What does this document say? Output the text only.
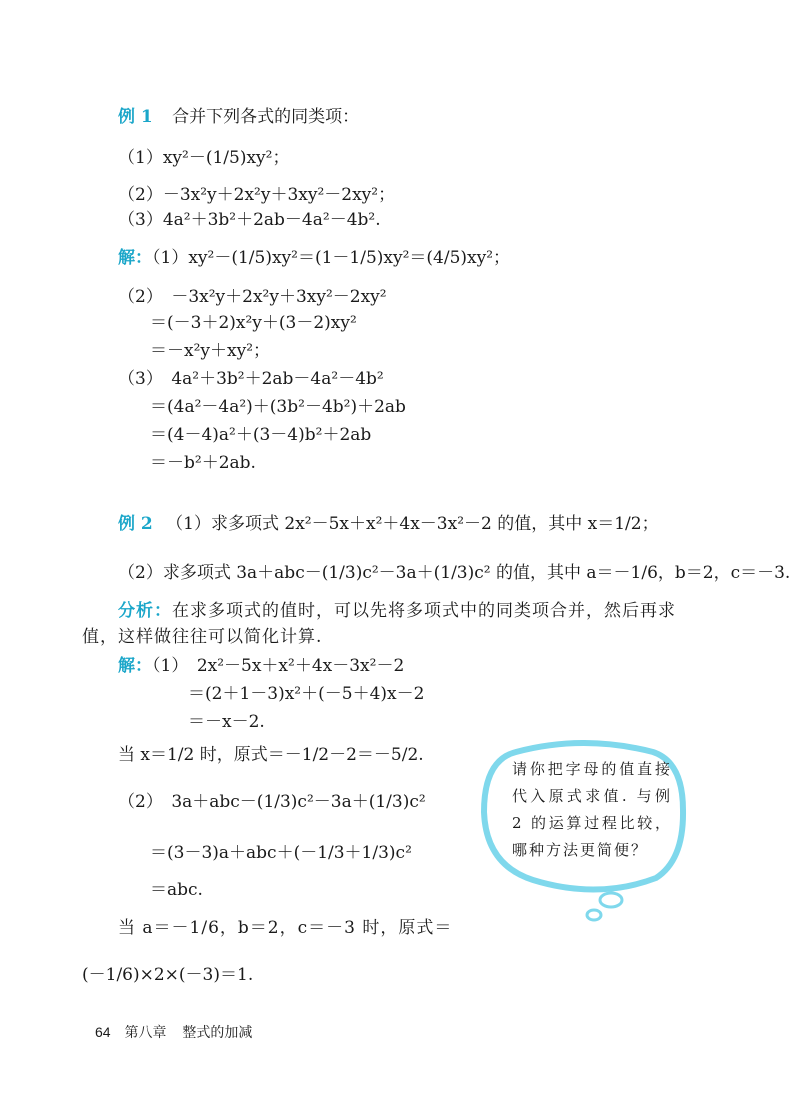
例 1 合并下列各式的同类项：
（1）xy²－(1/5)xy²；
（2）－3x²y＋2x²y＋3xy²－2xy²；
（3）4a²＋3b²＋2ab－4a²－4b².
解：（1）xy²－(1/5)xy²＝(1－1/5)xy²＝(4/5)xy²；
（2）　－3x²y＋2x²y＋3xy²－2xy²
＝(－3＋2)x²y＋(3－2)xy²
＝－x²y＋xy²；
（3）　4a²＋3b²＋2ab－4a²－4b²
＝(4a²－4a²)＋(3b²－4b²)＋2ab
＝(4－4)a²＋(3－4)b²＋2ab
＝－b²＋2ab.
例 2 （1）求多项式 2x²－5x＋x²＋4x－3x²－2 的值，其中 x＝1/2；
（2）求多项式 3a＋abc－(1/3)c²－3a＋(1/3)c² 的值，其中 a＝－1/6，b＝2，c＝－3.
分析：在求多项式的值时，可以先将多项式中的同类项合并，然后再求
值，这样做往往可以简化计算.
解：（1）　2x²－5x＋x²＋4x－3x²－2
＝(2＋1－3)x²＋(－5＋4)x－2
＝－x－2.
当 x＝1/2 时，原式＝－1/2－2＝－5/2.
（2）　3a＋abc－(1/3)c²－3a＋(1/3)c²
＝(3－3)a＋abc＋(－1/3＋1/3)c²
＝abc.
当 a＝－1/6，b＝2，c＝－3 时，原式＝
(－1/6)×2×(－3)＝1.
请你把字母的值直接代入原式求值. 与例 2 的运算过程比较，哪种方法更简便？
64 第八章 整式的加减
